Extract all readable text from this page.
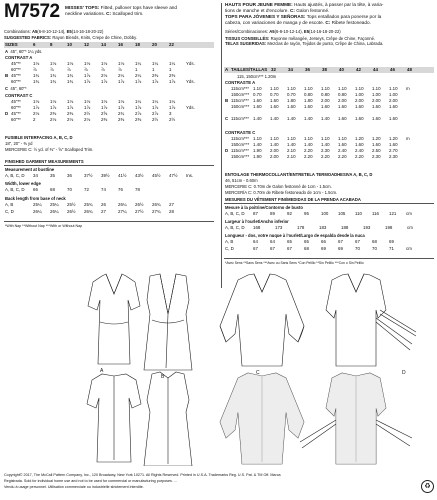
M7572 MISSES' TOPS: Fitted, pullover tops have sleeve and
neckline variations. C: Scalloped trim.
HAUTS POUR JEUNE FEMME: Hauts ajustés, à passer par la tête, à varia-
tions de manche et d'encolure. C: Galon festonné.
TOPS PARA JÓVENES Y SEÑORAS: Tops entallados para ponerse por la
cabeza, con variaciones de manga y de escote. C: Ribete festoneado.
Combinations: A5(6-8-10-12-14), E5(14-16-18-20-22)
SUGGESTED FABRICS: Rayon Blends, Knits, Crepe de Chine, Dobby.
SIZES	6	8	10	12	14	16	18	20	22
A 45", 60"* 1¼ yds.
CONTRAST A
45"**	1⅛	1⅛	1⅛	1⅛	1⅛	1⅛	1¼	1¼	1¼	Yds.
60"**	⅞	⅞	⅞	⅞	⅞	⅞	1	1	1
B 45"**	1¾	1¾	1¾	1⅞	2⅛	2¼	2¼	2⅜	2⅜
60"**	1¾	1¾	1¾	1⅞	1⅞	1⅞	1⅞	1⅞	1⅞	Yds.
C 45", 60"*
CONTRAST C
45"**	1⅛	1⅛	1⅛	1⅛	1⅛	1⅛	1¼	1¼	1¼
60"**	1⅞	1⅞	1⅞	1⅞	1⅞	1⅞	1⅞	1⅞	1⅞	Yds.
D 45"**	2⅛	2⅜	2⅜	2½	2⅝	2¾	2⅞	2⅞	3
60"**	2	2⅛	2⅛	2⅛	2⅜	2⅜	2⅜	2½	2½
FUSIBLE INTERFACING A, B, C, D
18", 20" - ⅜ yd
MERCERIE C: ½ yd. of ⅜" - ⅝" Scalloped Trim.
FINISHED GARMENT MEASUREMENTS
Measurement at bustline
A, B, C, D	34	35	36	37½	39½	41½	43½	45½	47½	Ins.
Width, lower edge
A, B, C, D	66	68	70	72	74	76	78
Back length from base of neck
A, B	25¼	25¼	25½	25¾	26	26¼	26½	26¾	27
C, D	26¼	26¼	26½	26¾	27	27¼	27½	27¾	28
*With Nap **Without Nap ***With or Without Nap
Séries/Combinaciones: A5(6-8-10-12-14), E5(14-16-18-20-22)
TISSUS CONSEILLÉS: Rayonne mélangée, Jerseys, Crêpe de Chine, Façonné.
TELAS SUGERIDAS: Mezclas de rayón, Tejidos de punto, Crêpe de China, Labrada.
A TAILLES/TALLAS 32	34	36	38	40	42	44	46	48
115, 150cm*** 1.20m
CONTRASTE A
115cm*** 1.10	1.10	1.10	1.10	1.10	1.10	1.10	1.10	1.10	m
150cm*** 0.70	0.70	0.70	0.80	0.80	0.80	1.00	1.00	1.00
B 115cm*** 1.60	1.60	1.80	1.80	2.00	2.00	2.00	2.00	2.00
150cm*** 1.60	1.60	1.60	1.60	1.60	1.60	1.60	1.60	1.60
C 115cm*** 1.40	1.40	1.40	1.40	1.40	1.60	1.60	1.60	1.60
CONTRASTE C
115cm*** 1.10	1.10	1.10	1.10	1.10	1.10	1.20	1.20	1.20	m
150cm*** 1.40	1.40	1.40	1.40	1.40	1.60	1.60	1.60	1.60
D 115cm*** 1.90	2.00	2.10	2.20	2.30	2.40	2.40	2.50	2.70
150cm*** 1.90	2.00	2.10	2.20	2.20	2.20	2.20	2.30	2.30
ENTOILAGE THERMOCOLLANT/ENTRETELA TERMOADHESIVA A, B, C, D
46, 51cm - 0.60m
MERCERIE C: 0.70m de Galon festonné de 1cm - 1.5cm.
MERCERÍA C: 0.70m de Ribete festoneado de 1cm - 1.5cm.
MESURES DU VÊTEMENT FINI/MEDIDAS DE LA PRENDA ACABADA
Mesure à la poitrine/Contorno de busto
A, B, C, D	87	89	92	95	100	105	110	116	121	cm
Largeur à l'ourlet/Ancho inferior
A, B, C, D	168	173	178	183	188	193	198	cm
Longueur - dos, votre nuque à l'ourlet/Largo de espalda desde la nuca
A, B	64	64	65	65	66	67	67	68	69
C, D	67	67	67	68	69	69	70	70	71	cm
*Avec Sens **Sans Sens ***Avec ou Sans Sens *Con Pelillo **Sin Pelillo ***Con o Sin Pelillo
A
B
C	D
Copyright© 2017, The McCall Pattern Company, Inc., 120 Broadway, New York 10271. All Rights Reserved. Printed in U.S.A. Trademarks Reg. U.S. Pat. & TM Off. Marca
Registrada. Sold for individual home use and not to be used for commercial or manufacturing purposes. ...
Vendu à usage personnel. Utilisation commerciale ou industrielle strictement interdite.	♻
